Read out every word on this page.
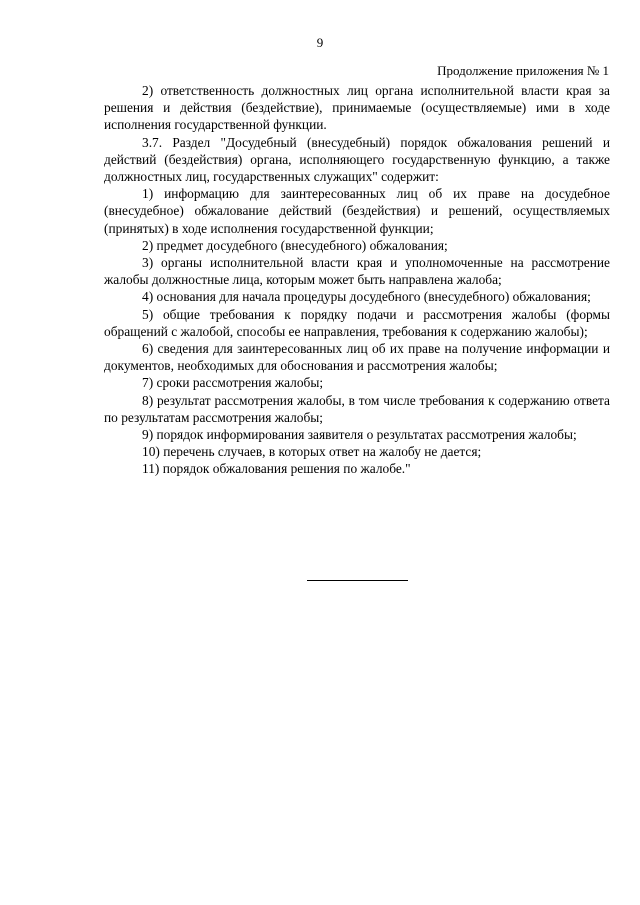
9
Продолжение приложения № 1

2) ответственность должностных лиц органа исполнительной власти края за решения и действия (бездействие), принимаемые (осуществляемые) ими в ходе исполнения государственной функции.

3.7. Раздел "Досудебный (внесудебный) порядок обжалования решений и действий (бездействия) органа, исполняющего государственную функцию, а также должностных лиц, государственных служащих" содержит:

1) информацию для заинтересованных лиц об их праве на досудебное (внесудебное) обжалование действий (бездействия) и решений, осуществляемых (принятых) в ходе исполнения государственной функции;

2) предмет досудебного (внесудебного) обжалования;

3) органы исполнительной власти края и уполномоченные на рассмотрение жалобы должностные лица, которым может быть направлена жалоба;

4) основания для начала процедуры досудебного (внесудебного) обжалования;

5) общие требования к порядку подачи и рассмотрения жалобы (формы обращений с жалобой, способы ее направления, требования к содержанию жалобы);

6) сведения для заинтересованных лиц об их праве на получение информации и документов, необходимых для обоснования и рассмотрения жалобы;

7) сроки рассмотрения жалобы;

8) результат рассмотрения жалобы, в том числе требования к содержанию ответа по результатам рассмотрения жалобы;

9) порядок информирования заявителя о результатах рассмотрения жалобы;

10) перечень случаев, в которых ответ на жалобу не дается;

11) порядок обжалования решения по жалобе."
